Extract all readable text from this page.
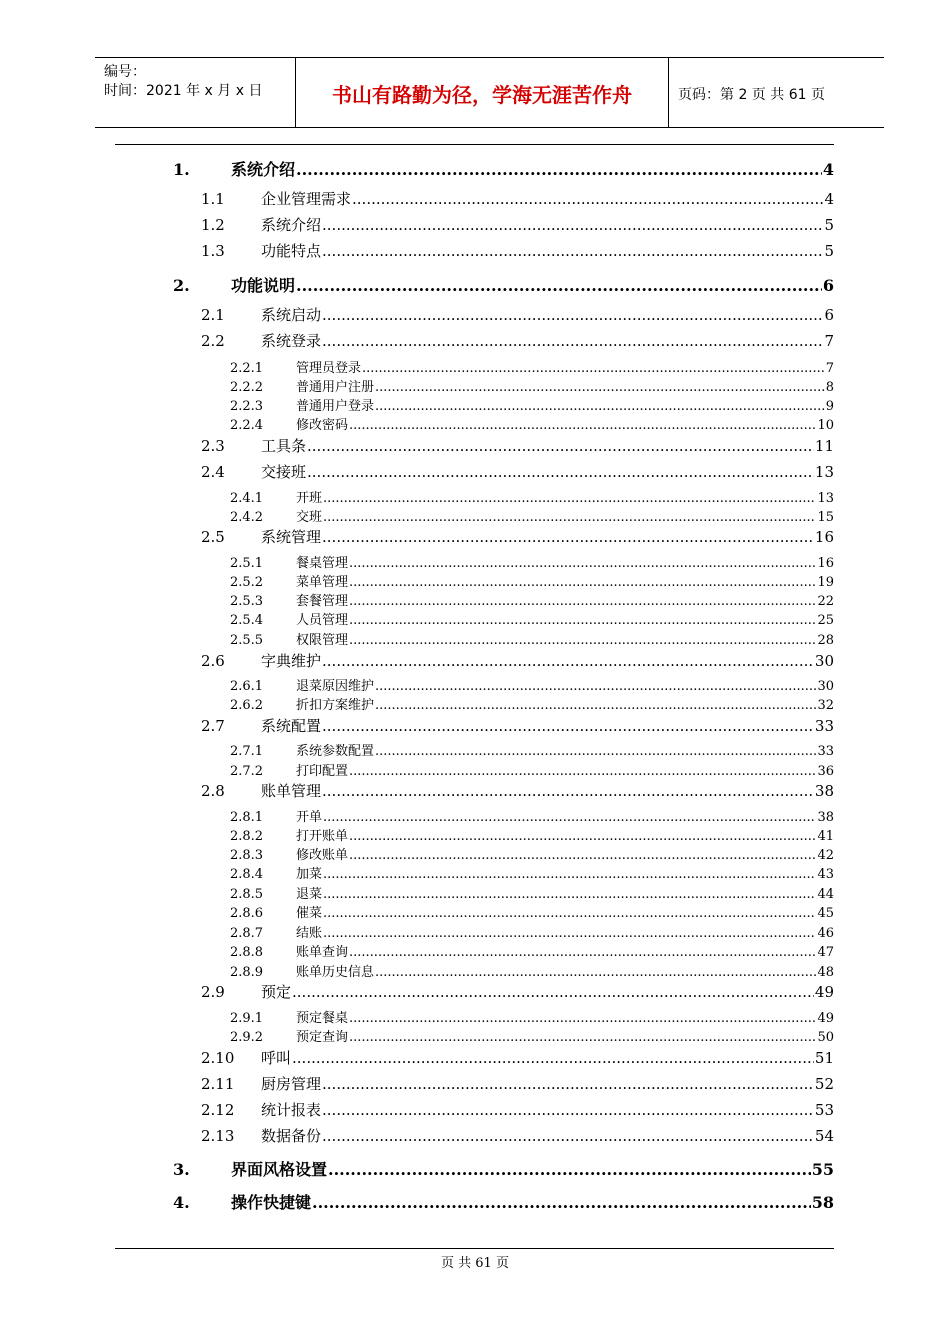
编号：
时间：2021 年 x 月 x 日	书山有路勤为径，学海无涯苦作舟	页码：第 2 页 共 61 页
1.	系统介绍 .....	4
1.1	企业管理需求 .....	4
1.2	系统介绍 .....	5
1.3	功能特点 .....	5
2.	功能说明 .....	6
2.1	系统启动 .....	6
2.2	系统登录 .....	7
2.2.1	管理员登录 .....	7
2.2.2	普通用户注册 .....	8
2.2.3	普通用户登录 .....	9
2.2.4	修改密码 .....	10
2.3	工具条 .....	11
2.4	交接班 .....	13
2.4.1	开班 .....	13
2.4.2	交班 .....	15
2.5	系统管理 .....	16
2.5.1	餐桌管理 .....	16
2.5.2	菜单管理 .....	19
2.5.3	套餐管理 .....	22
2.5.4	人员管理 .....	25
2.5.5	权限管理 .....	28
2.6	字典维护 .....	30
2.6.1	退菜原因维护 .....	30
2.6.2	折扣方案维护 .....	32
2.7	系统配置 .....	33
2.7.1	系统参数配置 .....	33
2.7.2	打印配置 .....	36
2.8	账单管理 .....	38
2.8.1	开单 .....	38
2.8.2	打开账单 .....	41
2.8.3	修改账单 .....	42
2.8.4	加菜 .....	43
2.8.5	退菜 .....	44
2.8.6	催菜 .....	45
2.8.7	结账 .....	46
2.8.8	账单查询 .....	47
2.8.9	账单历史信息 .....	48
2.9	预定 .....	49
2.9.1	预定餐桌 .....	49
2.9.2	预定查询 .....	50
2.10	呼叫 .....	51
2.11	厨房管理 .....	52
2.12	统计报表 .....	53
2.13	数据备份 .....	54
3.	界面风格设置 .....	55
4.	操作快捷键 .....	58
页 共 61 页
